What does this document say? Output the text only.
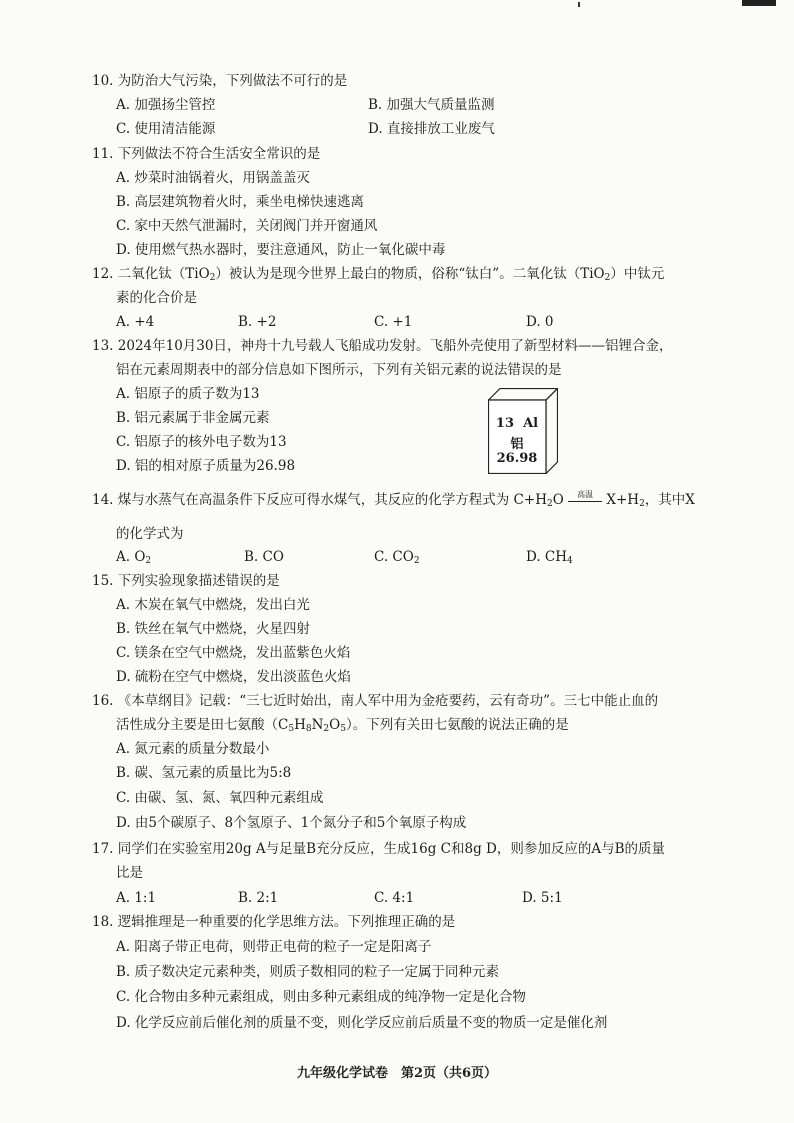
10. 为防治大气污染，下列做法不可行的是
A. 加强扬尘管控	B. 加强大气质量监测
C. 使用清洁能源	D. 直接排放工业废气
11. 下列做法不符合生活安全常识的是
A. 炒菜时油锅着火，用锅盖盖灭
B. 高层建筑物着火时，乘坐电梯快速逃离
C. 家中天然气泄漏时，关闭阀门并开窗通风
D. 使用燃气热水器时，要注意通风，防止一氧化碳中毒
12. 二氧化钛（TiO$_2$）被认为是现今世界上最白的物质，俗称“钛白”。二氧化钛（TiO$_2$）中钛元
素的化合价是
A. +4	B. +2	C. +1	D. 0
13. 2024年10月30日，神舟十九号载人飞船成功发射。飞船外壳使用了新型材料——铝锂合金，
铝在元素周期表中的部分信息如下图所示，下列有关铝元素的说法错误的是
A. 铝原子的质子数为13
B. 铝元素属于非金属元素
C. 铝原子的核外电子数为13
D. 铝的相对原子质量为26.98
13 Al
铝
26.98
14. 煤与水蒸气在高温条件下反应可得水煤气，其反应的化学方程式为 $C+H_2O$	高温 $X+H_2$，其中X
的化学式为
A. $O_2$	B. CO	C. $CO_2$	D. $CH_4$
15. 下列实验现象描述错误的是
A. 木炭在氧气中燃烧，发出白光
B. 铁丝在氧气中燃烧，火星四射
C. 镁条在空气中燃烧，发出蓝紫色火焰
D. 硫粉在空气中燃烧，发出淡蓝色火焰
16. 《本草纲目》记载：“三七近时始出，南人军中用为金疮要药，云有奇功”。三七中能止血的
活性成分主要是田七氨酸$(C_5H_8N_2O_5)$。下列有关田七氨酸的说法正确的是
A. 氮元素的质量分数最小
B. 碳、氢元素的质量比为5:8
C. 由碳、氢、氮、氧四种元素组成
D. 由5个碳原子、8个氢原子、1个氮分子和5个氧原子构成
17. 同学们在实验室用20g A与足量B充分反应，生成16g C和8g D，则参加反应的A与B的质量
比是
A. 1:1	B. 2:1	C. 4:1	D. 5:1
18. 逻辑推理是一种重要的化学思维方法。下列推理正确的是
A. 阳离子带正电荷，则带正电荷的粒子一定是阳离子
B. 质子数决定元素种类，则质子数相同的粒子一定属于同种元素
C. 化合物由多种元素组成，则由多种元素组成的纯净物一定是化合物
D. 化学反应前后催化剂的质量不变，则化学反应前后质量不变的物质一定是催化剂
九年级化学试卷　第2页（共6页）
